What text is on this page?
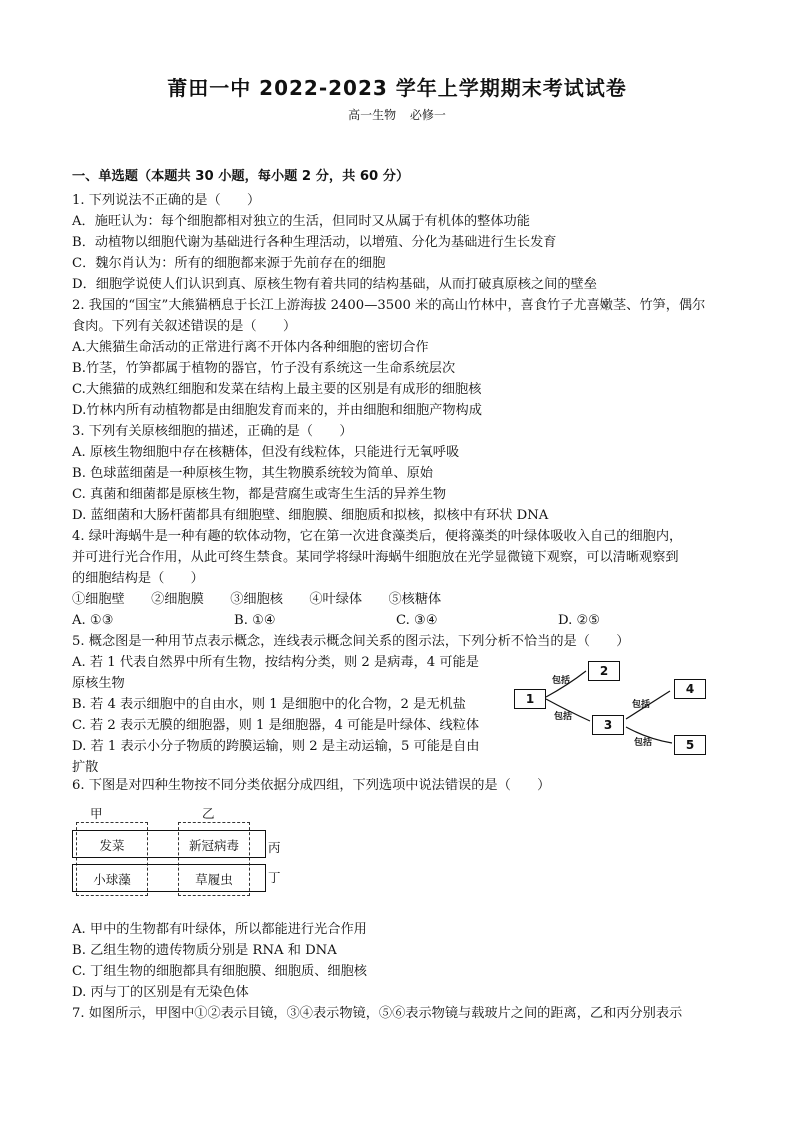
莆田一中 2022-2023 学年上学期期末考试试卷
高一生物 必修一
一、单选题（本题共 30 小题，每小题 2 分，共 60 分）
1. 下列说法不正确的是（　　）
A．施旺认为：每个细胞都相对独立的生活，但同时又从属于有机体的整体功能
B．动植物以细胞代谢为基础进行各种生理活动，以增殖、分化为基础进行生长发育
C．魏尔肖认为：所有的细胞都来源于先前存在的细胞
D．细胞学说使人们认识到真、原核生物有着共同的结构基础，从而打破真原核之间的壁垒
2. 我国的“国宝”大熊猫栖息于长江上游海拔 2400—3500 米的高山竹林中，喜食竹子尤喜嫩茎、竹笋，偶尔
食肉。下列有关叙述错误的是（　　）
A.大熊猫生命活动的正常进行离不开体内各种细胞的密切合作
B.竹茎，竹笋都属于植物的器官，竹子没有系统这一生命系统层次
C.大熊猫的成熟红细胞和发菜在结构上最主要的区别是有成形的细胞核
D.竹林内所有动植物都是由细胞发育而来的，并由细胞和细胞产物构成
3. 下列有关原核细胞的描述，正确的是（　　）
A. 原核生物细胞中存在核糖体，但没有线粒体，只能进行无氧呼吸
B. 色球蓝细菌是一种原核生物，其生物膜系统较为简单、原始
C. 真菌和细菌都是原核生物，都是营腐生或寄生生活的异养生物
D. 蓝细菌和大肠杆菌都具有细胞壁、细胞膜、细胞质和拟核，拟核中有环状 DNA
4. 绿叶海蜗牛是一种有趣的软体动物，它在第一次进食藻类后，便将藻类的叶绿体吸收入自己的细胞内，
并可进行光合作用，从此可终生禁食。某同学将绿叶海蜗牛细胞放在光学显微镜下观察，可以清晰观察到
的细胞结构是（　　）
①细胞壁　　②细胞膜　　③细胞核　　④叶绿体　　⑤核糖体
A. ①③	B. ①④	C. ③④	D. ②⑤
5. 概念图是一种用节点表示概念，连线表示概念间关系的图示法，下列分析不恰当的是（　　）
A. 若 1 代表自然界中所有生物，按结构分类，则 2 是病毒，4 可能是
原核生物
B. 若 4 表示细胞中的自由水，则 1 是细胞中的化合物，2 是无机盐
C. 若 2 表示无膜的细胞器，则 1 是细胞器，4 可能是叶绿体、线粒体
D. 若 1 表示小分子物质的跨膜运输，则 2 是主动运输，5 可能是自由
扩散
1
2
3
4
5
包括
包括
包括
包括
6. 下图是对四种生物按不同分类依据分成四组，下列选项中说法错误的是（　　）
甲	乙
发菜	新冠病毒
小球藻	草履虫
丙
丁
A. 甲中的生物都有叶绿体，所以都能进行光合作用
B. 乙组生物的遗传物质分别是 RNA 和 DNA
C. 丁组生物的细胞都具有细胞膜、细胞质、细胞核
D. 丙与丁的区别是有无染色体
7. 如图所示，甲图中①②表示目镜，③④表示物镜，⑤⑥表示物镜与载玻片之间的距离，乙和丙分别表示
